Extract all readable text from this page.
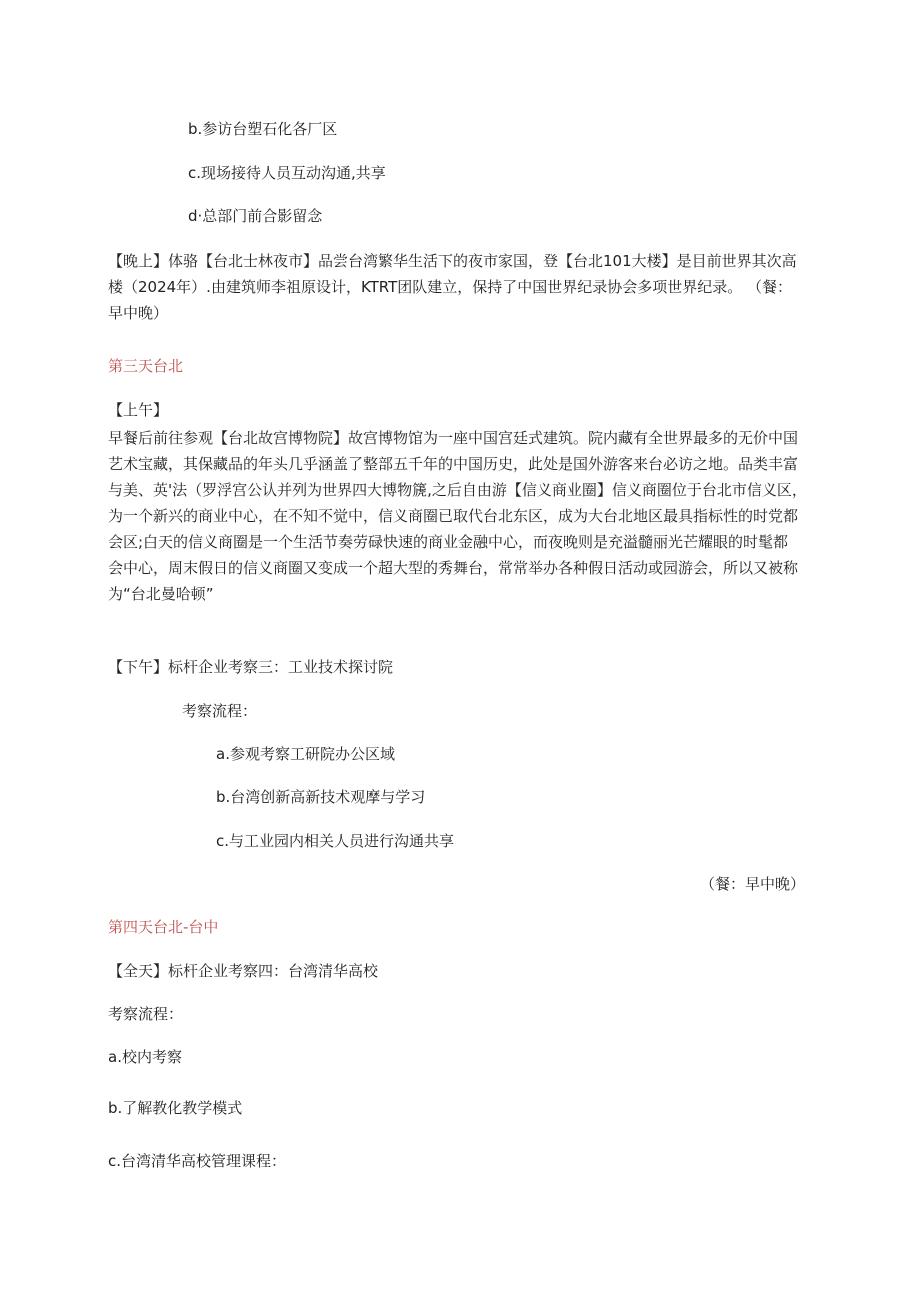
b.参访台塑石化各厂区
c.现场接待人员互动沟通,共享
d·总部门前合影留念
【晚上】体骆【台北士林夜市】品尝台湾繁华生活下的夜市家国，登【台北101大楼】是目前世界其次高
楼（2024年）.由建筑师李祖原设计，KTRT团队建立，保持了中国世界纪录协会多项世界纪录。 （餐：
早中晚）
第三天台北
【上午】
早餐后前往参观【台北故宫博物院】故宫博物馆为一座中国宫廷式建筑。院内藏有全世界最多的无价中国
艺术宝藏，其保藏品的年头几乎涵盖了整部五千年的中国历史，此处是国外游客来台必访之地。品类丰富
与美、英'法（罗浮宫公认并列为世界四大博物篪,之后自由游【信义商业圈】信义商圈位于台北市信义区，
为一个新兴的商业中心，在不知不觉中，信义商圈已取代台北东区，成为大台北地区最具指标性的时党都
会区;白天的信义商圈是一个生活节奏劳碌快速的商业金融中心，而夜晚则是充溢髓丽光芒耀眼的时髦都
会中心，周末假日的信义商圈又变成一个超大型的秀舞台，常常举办各种假日活动或园游会，所以又被称
为“台北曼哈顿”
【下午】标杆企业考察三：工业技术探讨院
考察流程：
a.参观考察工研院办公区域
b.台湾创新高新技术观摩与学习
c.与工业园内相关人员进行沟通共享
（餐：早中晚）
第四天台北-台中
【全天】标杆企业考察四：台湾清华高校
考察流程：
a.校内考察
b.了解教化教学模式
c.台湾清华高校管理课程：
